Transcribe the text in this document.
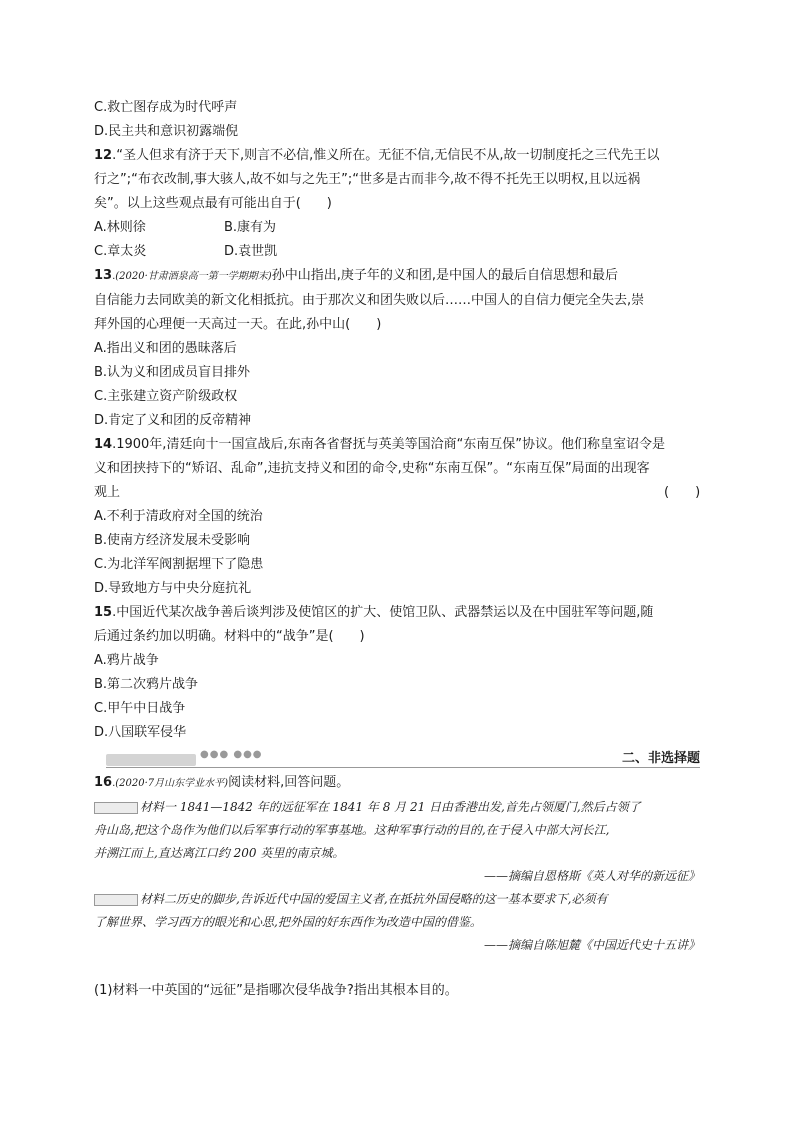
C.救亡图存成为时代呼声
D.民主共和意识初露端倪
12.“圣人但求有济于天下,则言不必信,惟义所在。无征不信,无信民不从,故一切制度托之三代先王以
行之”;“布衣改制,事大骇人,故不如与之先王”;“世多是古而非今,故不得不托先王以明权,且以远祸
矣”。以上这些观点最有可能出自于(　　)
A.林则徐	B.康有为
C.章太炎	D.袁世凯
13.(2020·甘肃酒泉高一第一学期期末)孙中山指出,庚子年的义和团,是中国人的最后自信思想和最后
自信能力去同欧美的新文化相抵抗。由于那次义和团失败以后……中国人的自信力便完全失去,崇
拜外国的心理便一天高过一天。在此,孙中山(　　)
A.指出义和团的愚昧落后
B.认为义和团成员盲目排外
C.主张建立资产阶级政权
D.肯定了义和团的反帝精神
14.1900年,清廷向十一国宣战后,东南各省督抚与英美等国洽商“东南互保”协议。他们称皇室诏令是
义和团挟持下的“矫诏、乱命”,违抗支持义和团的命令,史称“东南互保”。“东南互保”局面的出现客
观上	(　　)
A.不利于清政府对全国的统治
B.使南方经济发展未受影响
C.为北洋军阀割据埋下了隐患
D.导致地方与中央分庭抗礼
15.中国近代某次战争善后谈判涉及使馆区的扩大、使馆卫队、武器禁运以及在中国驻军等问题,随
后通过条约加以明确。材料中的“战争”是(　　)
A.鸦片战争
B.第二次鸦片战争
C.甲午中日战争
D.八国联军侵华
●●● ●●●	二、非选择题
16.(2020·7月山东学业水平)阅读材料,回答问题。
材料一 1841—1842 年的远征军在 1841 年 8 月 21 日由香港出发,首先占领厦门,然后占领了
舟山岛,把这个岛作为他们以后军事行动的军事基地。这种军事行动的目的,在于侵入中部大河长江,
并溯江而上,直达离江口约 200 英里的南京城。
——摘编自恩格斯《英人对华的新远征》
材料二历史的脚步,告诉近代中国的爱国主义者,在抵抗外国侵略的这一基本要求下,必须有
了解世界、学习西方的眼光和心思,把外国的好东西作为改造中国的借鉴。
——摘编自陈旭麓《中国近代史十五讲》
(1)材料一中英国的“远征”是指哪次侵华战争?指出其根本目的。
